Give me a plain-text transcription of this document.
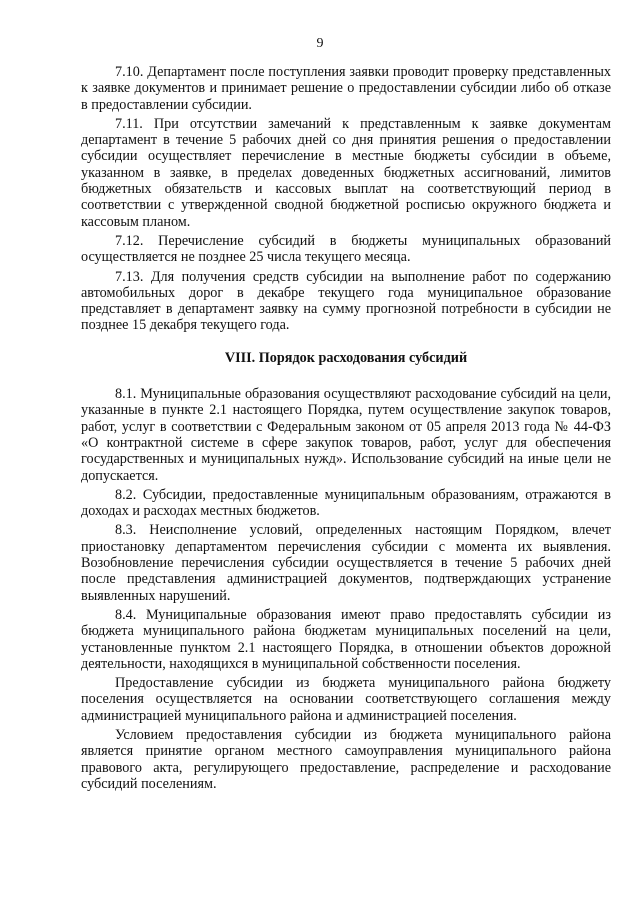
9

7.10. Департамент после поступления заявки проводит проверку представленных к заявке документов и принимает решение о предоставлении субсидии либо об отказе в предоставлении субсидии.

7.11. При отсутствии замечаний к представленным к заявке документам департамент в течение 5 рабочих дней со дня принятия решения о предоставлении субсидии осуществляет перечисление в местные бюджеты субсидии в объеме, указанном в заявке, в пределах доведенных бюджетных ассигнований, лимитов бюджетных обязательств и кассовых выплат на соответствующий период в соответствии с утвержденной сводной бюджетной росписью окружного бюджета и кассовым планом.

7.12. Перечисление субсидий в бюджеты муниципальных образований осуществляется не позднее 25 числа текущего месяца.

7.13. Для получения средств субсидии на выполнение работ по содержанию автомобильных дорог в декабре текущего года муниципальное образование представляет в департамент заявку на сумму прогнозной потребности в субсидии не позднее 15 декабря текущего года.

VIII. Порядок расходования субсидий

8.1. Муниципальные образования осуществляют расходование субсидий на цели, указанные в пункте 2.1 настоящего Порядка, путем осуществление закупок товаров, работ, услуг в соответствии с Федеральным законом от 05 апреля 2013 года № 44-ФЗ «О контрактной системе в сфере закупок товаров, работ, услуг для обеспечения государственных и муниципальных нужд». Использование субсидий на иные цели не допускается.

8.2. Субсидии, предоставленные муниципальным образованиям, отражаются в доходах и расходах местных бюджетов.

8.3. Неисполнение условий, определенных настоящим Порядком, влечет приостановку департаментом перечисления субсидии с момента их выявления. Возобновление перечисления субсидии осуществляется в течение 5 рабочих дней после представления администрацией документов, подтверждающих устранение выявленных нарушений.

8.4. Муниципальные образования имеют право предоставлять субсидии из бюджета муниципального района бюджетам муниципальных поселений на цели, установленные пунктом 2.1 настоящего Порядка, в отношении объектов дорожной деятельности, находящихся в муниципальной собственности поселения.

Предоставление субсидии из бюджета муниципального района бюджету поселения осуществляется на основании соответствующего соглашения между администрацией муниципального района и администрацией поселения.

Условием предоставления субсидии из бюджета муниципального района является принятие органом местного самоуправления муниципального района правового акта, регулирующего предоставление, распределение и расходование субсидий поселениям.
